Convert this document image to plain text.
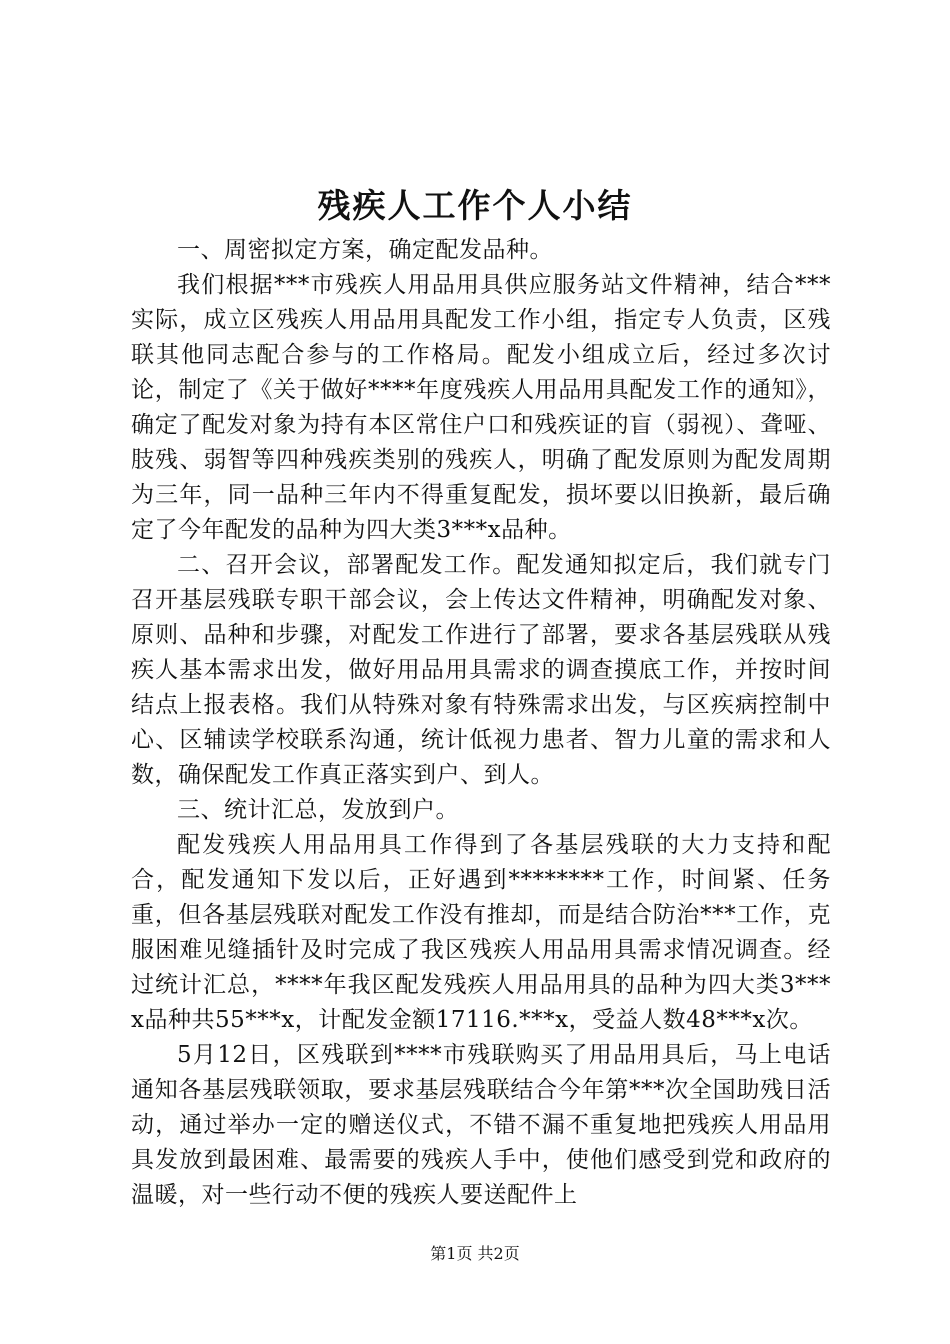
残疾人工作个人小结

一、周密拟定方案，确定配发品种。

我们根据***市残疾人用品用具供应服务站文件精神，结合***实际，成立区残疾人用品用具配发工作小组，指定专人负责，区残联其他同志配合参与的工作格局。配发小组成立后，经过多次讨论，制定了《关于做好****年度残疾人用品用具配发工作的通知》，确定了配发对象为持有本区常住户口和残疾证的盲（弱视）、聋哑、肢残、弱智等四种残疾类别的残疾人，明确了配发原则为配发周期为三年，同一品种三年内不得重复配发，损坏要以旧换新，最后确定了今年配发的品种为四大类3***x品种。

二、召开会议，部署配发工作。配发通知拟定后，我们就专门召开基层残联专职干部会议，会上传达文件精神，明确配发对象、原则、品种和步骤，对配发工作进行了部署，要求各基层残联从残疾人基本需求出发，做好用品用具需求的调查摸底工作，并按时间结点上报表格。我们从特殊对象有特殊需求出发，与区疾病控制中心、区辅读学校联系沟通，统计低视力患者、智力儿童的需求和人数，确保配发工作真正落实到户、到人。

三、统计汇总，发放到户。

配发残疾人用品用具工作得到了各基层残联的大力支持和配合，配发通知下发以后，正好遇到********工作，时间紧、任务重，但各基层残联对配发工作没有推却，而是结合防治***工作，克服困难见缝插针及时完成了我区残疾人用品用具需求情况调查。经过统计汇总，****年我区配发残疾人用品用具的品种为四大类3***x品种共55***x，计配发金额17116.***x，受益人数48***x次。

5月12日，区残联到****市残联购买了用品用具后，马上电话通知各基层残联领取，要求基层残联结合今年第***次全国助残日活动，通过举办一定的赠送仪式，不错不漏不重复地把残疾人用品用具发放到最困难、最需要的残疾人手中，使他们感受到党和政府的温暖，对一些行动不便的残疾人要送配件上

第1页 共2页
